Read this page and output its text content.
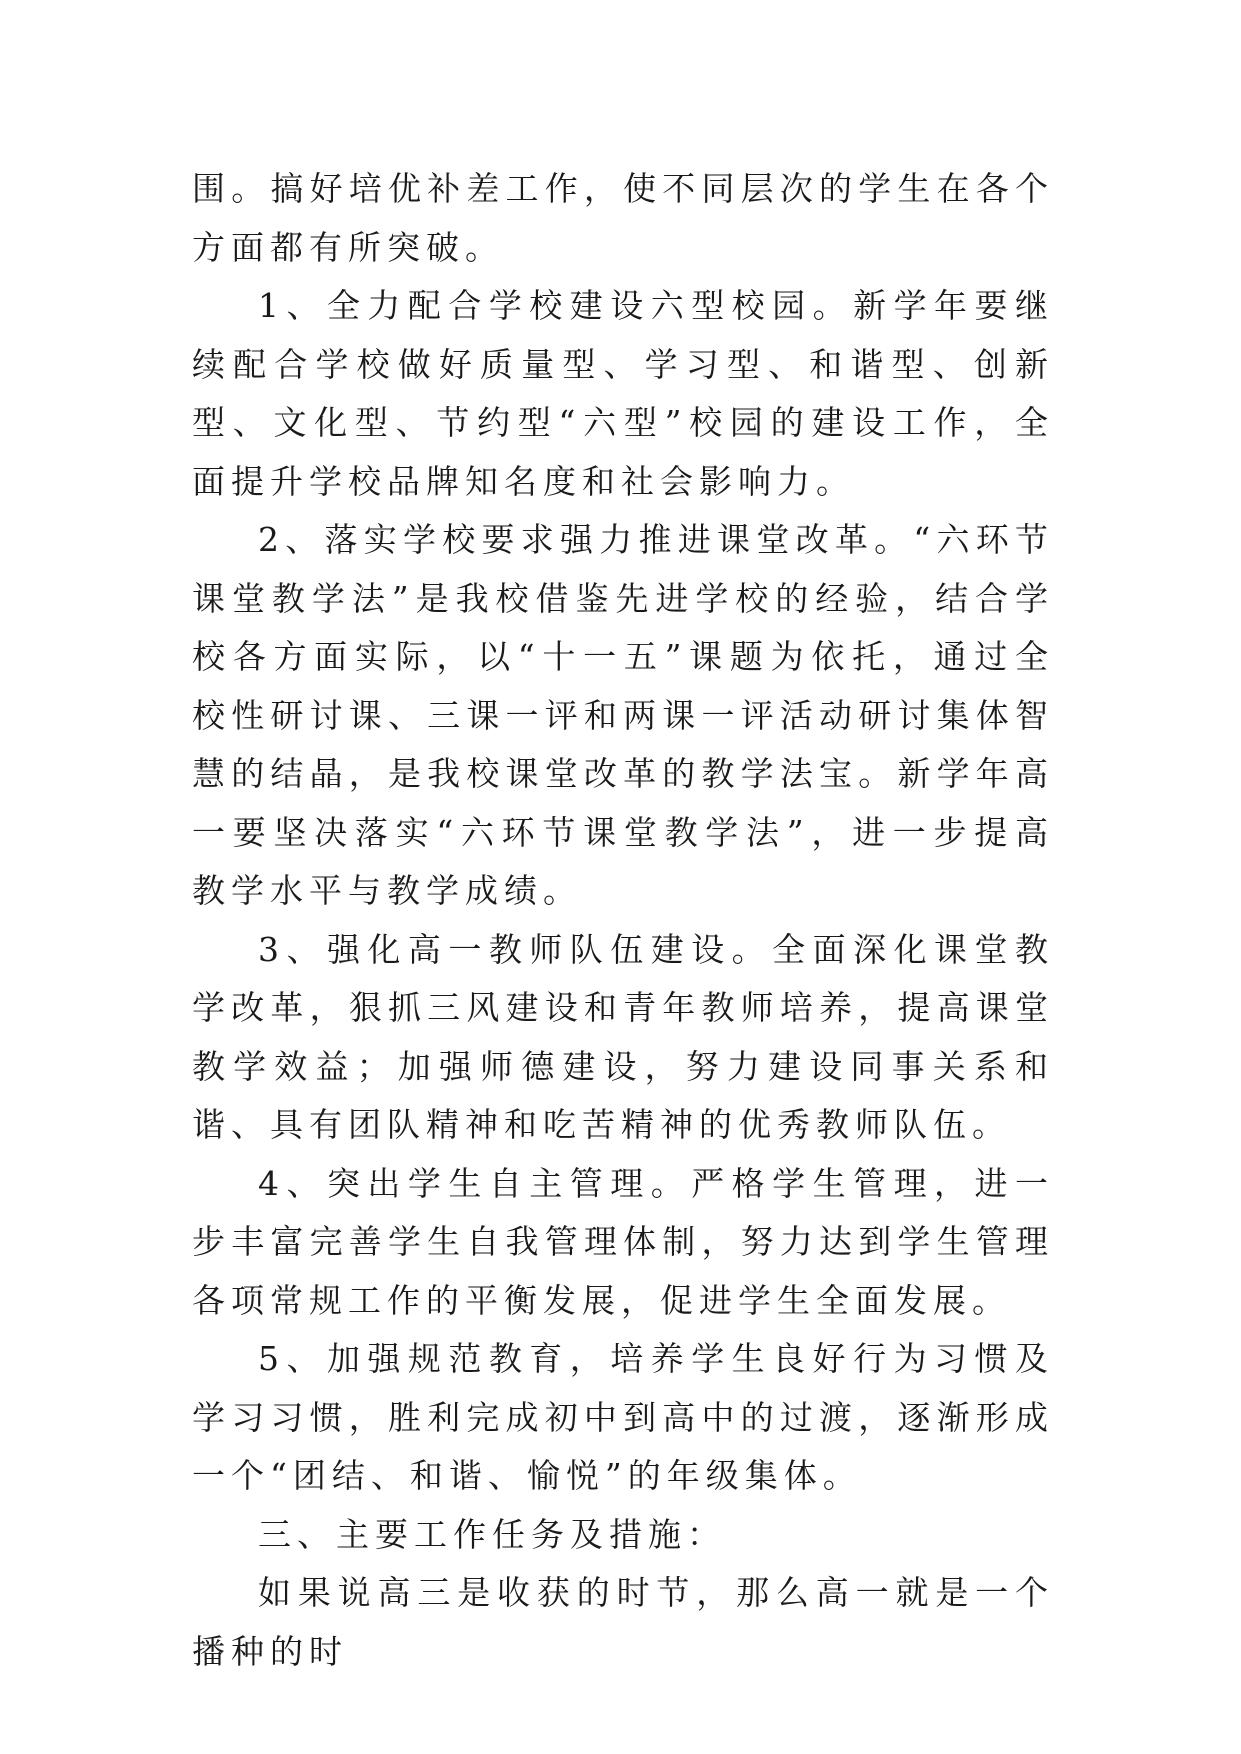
围。搞好培优补差工作，使不同层次的学生在各个方面都有所突破。

1、全力配合学校建设六型校园。新学年要继续配合学校做好质量型、学习型、和谐型、创新型、文化型、节约型“六型”校园的建设工作，全面提升学校品牌知名度和社会影响力。

2、落实学校要求强力推进课堂改革。“六环节课堂教学法”是我校借鉴先进学校的经验，结合学校各方面实际，以“十一五”课题为依托，通过全校性研讨课、三课一评和两课一评活动研讨集体智慧的结晶，是我校课堂改革的教学法宝。新学年高一要坚决落实“六环节课堂教学法”，进一步提高教学水平与教学成绩。

3、强化高一教师队伍建设。全面深化课堂教学改革，狠抓三风建设和青年教师培养，提高课堂教学效益；加强师德建设，努力建设同事关系和谐、具有团队精神和吃苦精神的优秀教师队伍。

4、突出学生自主管理。严格学生管理，进一步丰富完善学生自我管理体制，努力达到学生管理各项常规工作的平衡发展，促进学生全面发展。

5、加强规范教育，培养学生良好行为习惯及学习习惯，胜利完成初中到高中的过渡，逐渐形成一个“团结、和谐、愉悦”的年级集体。

三、主要工作任务及措施：

如果说高三是收获的时节，那么高一就是一个播种的时
